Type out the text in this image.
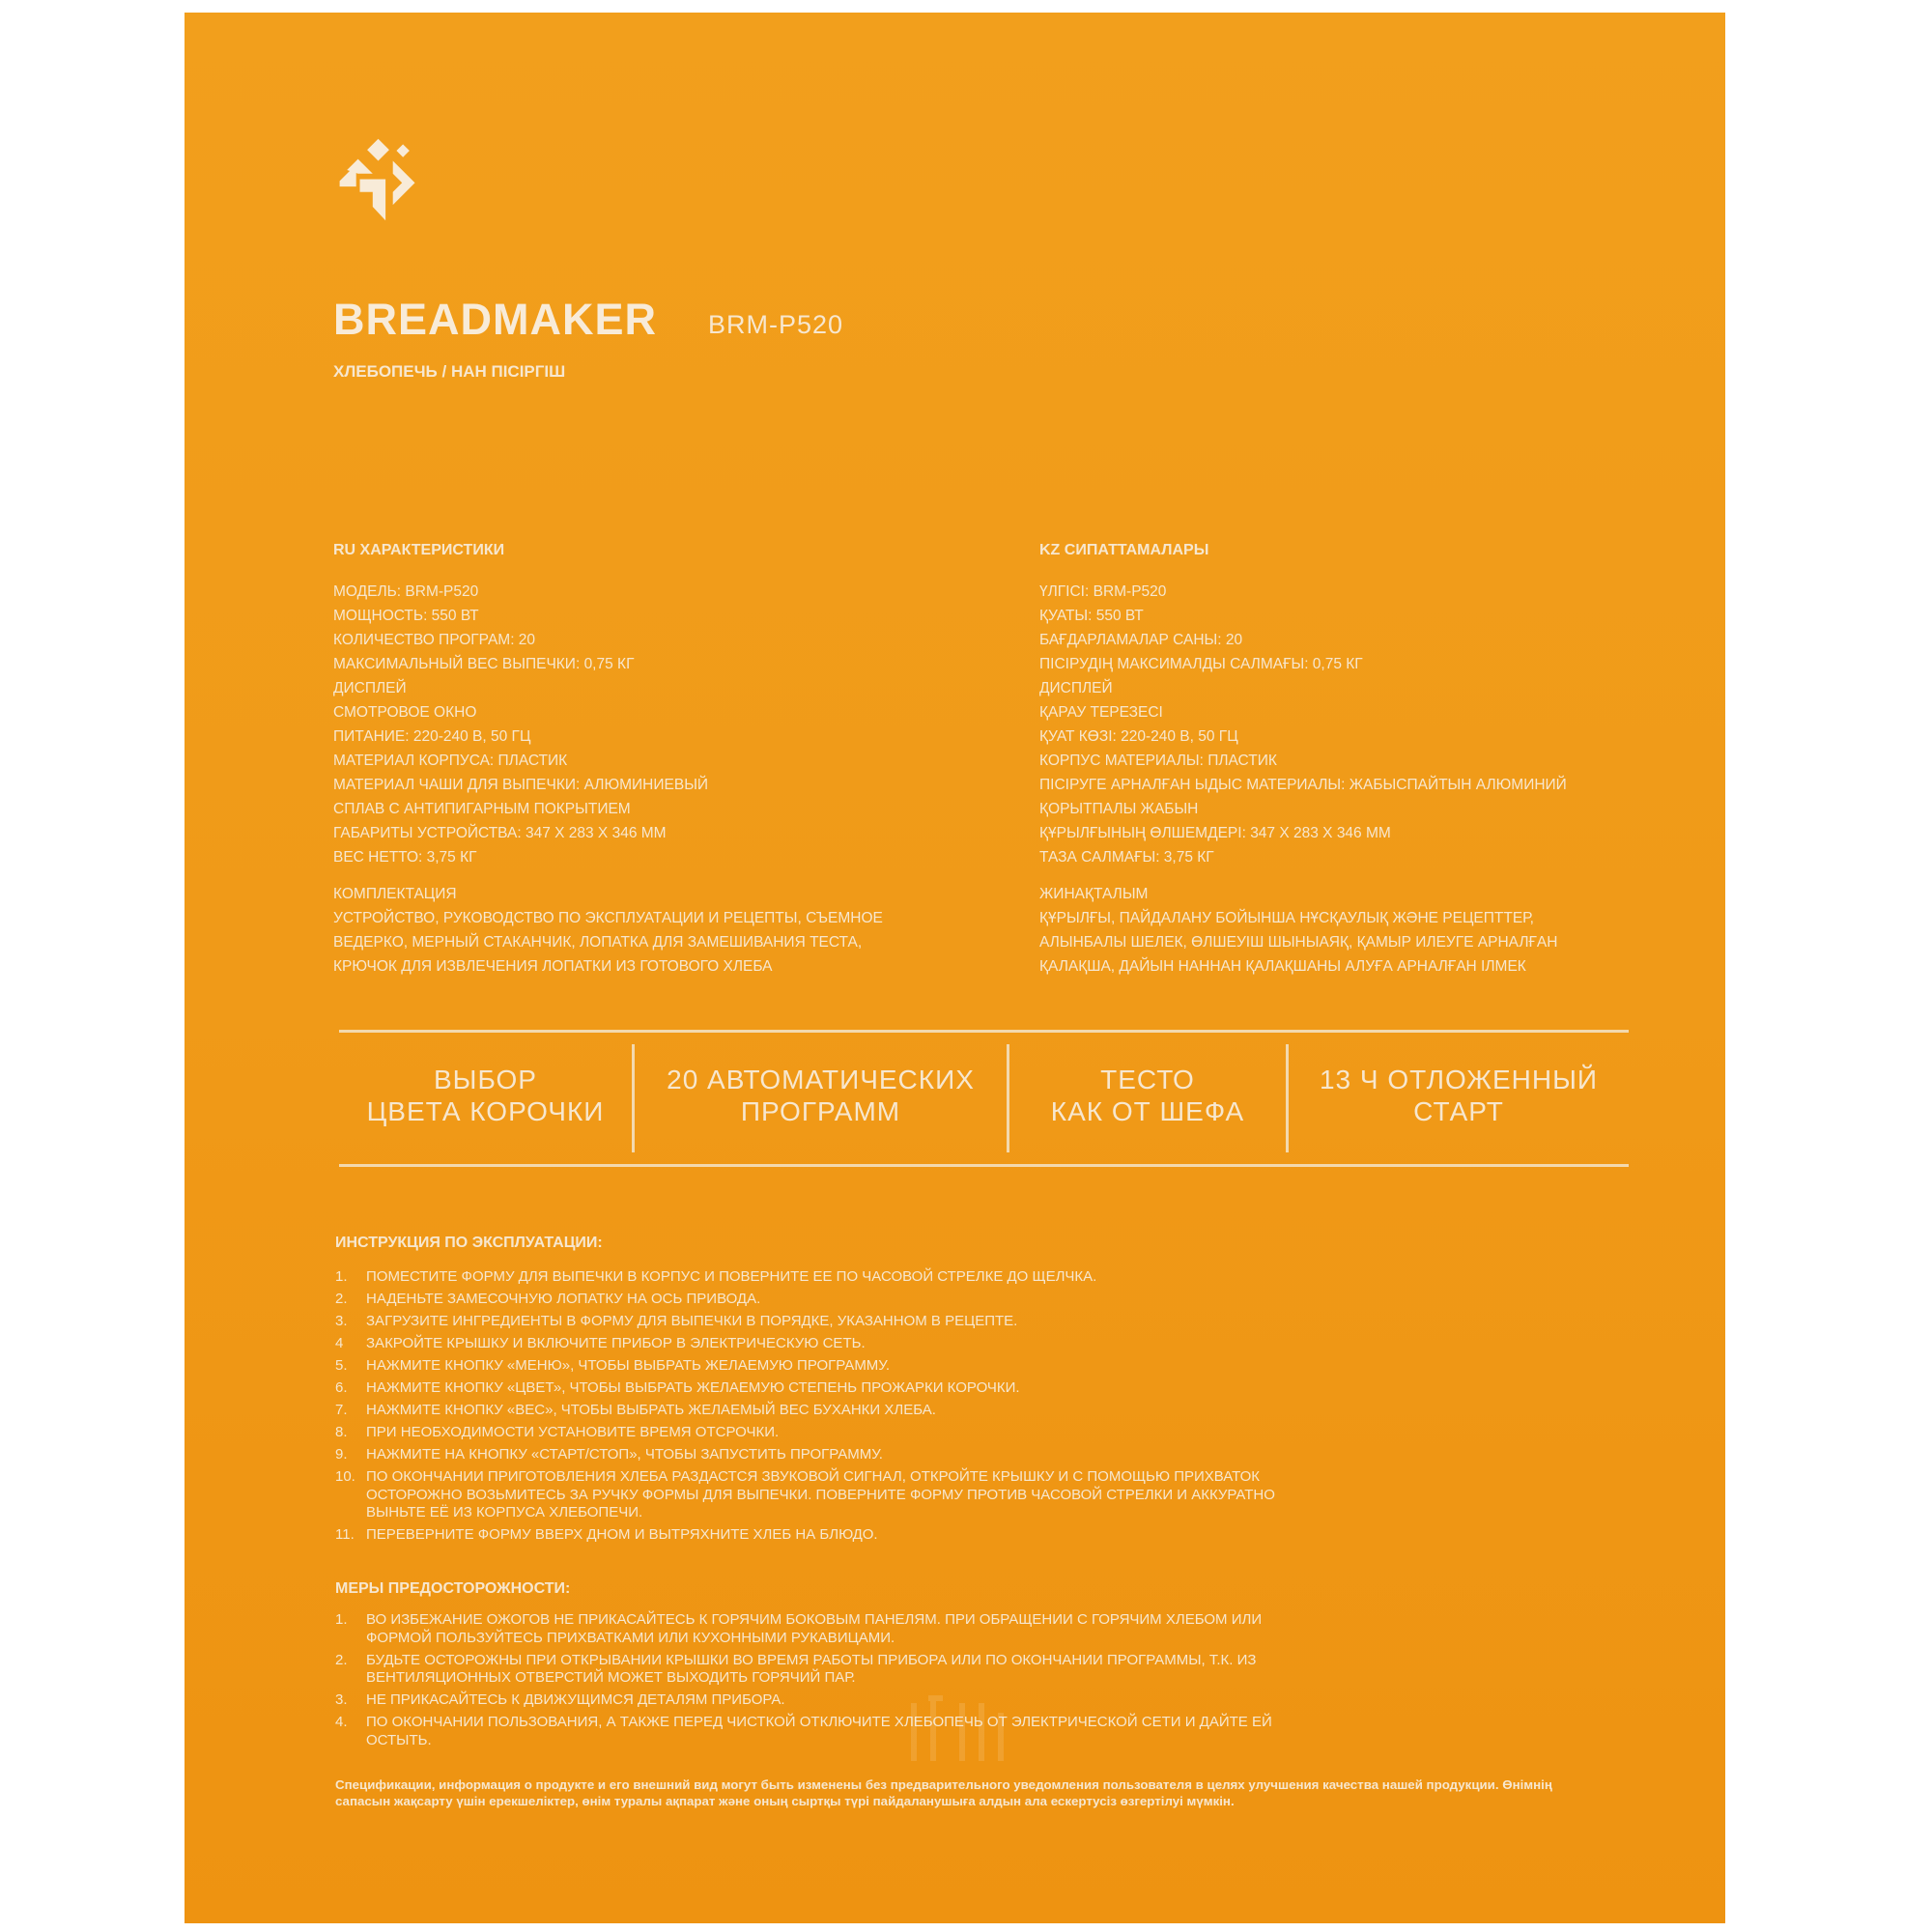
BREADMAKER BRM-P520
ХЛЕБОПЕЧЬ / НАН ПІСІРГІШ
RU ХАРАКТЕРИСТИКИ
МОДЕЛЬ: BRM-P520
МОЩНОСТЬ: 550 ВТ
КОЛИЧЕСТВО ПРОГРАМ: 20
МАКСИМАЛЬНЫЙ ВЕС ВЫПЕЧКИ: 0,75 КГ
ДИСПЛЕЙ
СМОТРОВОЕ ОКНО
ПИТАНИЕ: 220-240 В, 50 ГЦ
МАТЕРИАЛ КОРПУСА: ПЛАСТИК
МАТЕРИАЛ ЧАШИ ДЛЯ ВЫПЕЧКИ: АЛЮМИНИЕВЫЙ
СПЛАВ С АНТИПИГАРНЫМ ПОКРЫТИЕМ
ГАБАРИТЫ УСТРОЙСТВА: 347 Х 283 Х 346 ММ
ВЕС НЕТТО: 3,75 КГ
КОМПЛЕКТАЦИЯ
УСТРОЙСТВО, РУКОВОДСТВО ПО ЭКСПЛУАТАЦИИ И РЕЦЕПТЫ, СЪЕМНОЕ
ВЕДЕРКО, МЕРНЫЙ СТАКАНЧИК, ЛОПАТКА ДЛЯ ЗАМЕШИВАНИЯ ТЕСТА,
КРЮЧОК ДЛЯ ИЗВЛЕЧЕНИЯ ЛОПАТКИ ИЗ ГОТОВОГО ХЛЕБА
KZ СИПАТТАМАЛАРЫ
ҮЛГІСІ: BRM-P520
ҚУАТЫ: 550 ВТ
БАҒДАРЛАМАЛАР САНЫ: 20
ПІСІРУДІҢ МАКСИМАЛДЫ САЛМАҒЫ: 0,75 КГ
ДИСПЛЕЙ
ҚАРАУ ТЕРЕЗЕСІ
ҚУАТ КӨЗІ: 220-240 В, 50 ГЦ
КОРПУС МАТЕРИАЛЫ: ПЛАСТИК
ПІСІРУГЕ АРНАЛҒАН ЫДЫС МАТЕРИАЛЫ: ЖАБЫСПАЙТЫН АЛЮМИНИЙ
ҚОРЫТПАЛЫ ЖАБЫН
ҚҰРЫЛҒЫНЫҢ ӨЛШЕМДЕРІ: 347 Х 283 Х 346 ММ
ТАЗА САЛМАҒЫ: 3,75 КГ
ЖИНАҚТАЛЫМ
ҚҰРЫЛҒЫ, ПАЙДАЛАНУ БОЙЫНША НҰСҚАУЛЫҚ ЖӘНЕ РЕЦЕПТТЕР,
АЛЫНБАЛЫ ШЕЛЕК, ӨЛШЕУІШ ШЫНЫАЯҚ, ҚАМЫР ИЛЕУГЕ АРНАЛҒАН
ҚАЛАҚША, ДАЙЫН НАННАН ҚАЛАҚШАНЫ АЛУҒА АРНАЛҒАН ІЛМЕК
ВЫБОР
ЦВЕТА КОРОЧКИ
20 АВТОМАТИЧЕСКИХ
ПРОГРАММ
ТЕСТО
КАК ОТ ШЕФА
13 Ч ОТЛОЖЕННЫЙ
СТАРТ
ИНСТРУКЦИЯ ПО ЭКСПЛУАТАЦИИ:
1.	ПОМЕСТИТЕ ФОРМУ ДЛЯ ВЫПЕЧКИ В КОРПУС И ПОВЕРНИТЕ ЕЕ ПО ЧАСОВОЙ СТРЕЛКЕ ДО ЩЕЛЧКА.
2.	НАДЕНЬТЕ ЗАМЕСОЧНУЮ ЛОПАТКУ НА ОСЬ ПРИВОДА.
3.	ЗАГРУЗИТЕ ИНГРЕДИЕНТЫ В ФОРМУ ДЛЯ ВЫПЕЧКИ В ПОРЯДКЕ, УКАЗАННОМ В РЕЦЕПТЕ.
4	ЗАКРОЙТЕ КРЫШКУ И ВКЛЮЧИТЕ ПРИБОР В ЭЛЕКТРИЧЕСКУЮ СЕТЬ.
5.	НАЖМИТЕ КНОПКУ «МЕНЮ», ЧТОБЫ ВЫБРАТЬ ЖЕЛАЕМУЮ ПРОГРАММУ.
6.	НАЖМИТЕ КНОПКУ «ЦВЕТ», ЧТОБЫ ВЫБРАТЬ ЖЕЛАЕМУЮ СТЕПЕНЬ ПРОЖАРКИ КОРОЧКИ.
7.	НАЖМИТЕ КНОПКУ «ВЕС», ЧТОБЫ ВЫБРАТЬ ЖЕЛАЕМЫЙ ВЕС БУХАНКИ ХЛЕБА.
8.	ПРИ НЕОБХОДИМОСТИ УСТАНОВИТЕ ВРЕМЯ ОТСРОЧКИ.
9.	НАЖМИТЕ НА КНОПКУ «СТАРТ/СТОП», ЧТОБЫ ЗАПУСТИТЬ ПРОГРАММУ.
10. ПО ОКОНЧАНИИ ПРИГОТОВЛЕНИЯ ХЛЕБА РАЗДАСТСЯ ЗВУКОВОЙ СИГНАЛ, ОТКРОЙТЕ КРЫШКУ И С ПОМОЩЬЮ ПРИХВАТОК ОСТОРОЖНО ВОЗЬМИТЕСЬ ЗА РУЧКУ ФОРМЫ ДЛЯ ВЫПЕЧКИ. ПОВЕРНИТЕ ФОРМУ ПРОТИВ ЧАСОВОЙ СТРЕЛКИ И АККУРАТНО ВЫНЬТЕ ЕЁ ИЗ КОРПУСА ХЛЕБОПЕЧИ.
11. ПЕРЕВЕРНИТЕ ФОРМУ ВВЕРХ ДНОМ И ВЫТРЯХНИТЕ ХЛЕБ НА БЛЮДО.
МЕРЫ ПРЕДОСТОРОЖНОСТИ:
1.	ВО ИЗБЕЖАНИЕ ОЖОГОВ НЕ ПРИКАСАЙТЕСЬ К ГОРЯЧИМ БОКОВЫМ ПАНЕЛЯМ. ПРИ ОБРАЩЕНИИ С ГОРЯЧИМ ХЛЕБОМ ИЛИ ФОРМОЙ ПОЛЬЗУЙТЕСЬ ПРИХВАТКАМИ ИЛИ КУХОННЫМИ РУКАВИЦАМИ.
2.	БУДЬТЕ ОСТОРОЖНЫ ПРИ ОТКРЫВАНИИ КРЫШКИ ВО ВРЕМЯ РАБОТЫ ПРИБОРА ИЛИ ПО ОКОНЧАНИИ ПРОГРАММЫ, Т.К. ИЗ ВЕНТИЛЯЦИОННЫХ ОТВЕРСТИЙ МОЖЕТ ВЫХОДИТЬ ГОРЯЧИЙ ПАР.
3.	НЕ ПРИКАСАЙТЕСЬ К ДВИЖУЩИМСЯ ДЕТАЛЯМ ПРИБОРА.
4.	ПО ОКОНЧАНИИ ПОЛЬЗОВАНИЯ, А ТАКЖЕ ПЕРЕД ЧИСТКОЙ ОТКЛЮЧИТЕ ХЛЕБОПЕЧЬ ОТ ЭЛЕКТРИЧЕСКОЙ СЕТИ И ДАЙТЕ ЕЙ ОСТЫТЬ.
Спецификации, информация о продукте и его внешний вид могут быть изменены без предварительного уведомления пользователя в целях улучшения качества нашей продукции. Өнімнің сапасын жақсарту үшін ерекшеліктер, өнім туралы ақпарат және оның сыртқы түрі пайдаланушыға алдын ала ескертусіз өзгертілуі мүмкін.
